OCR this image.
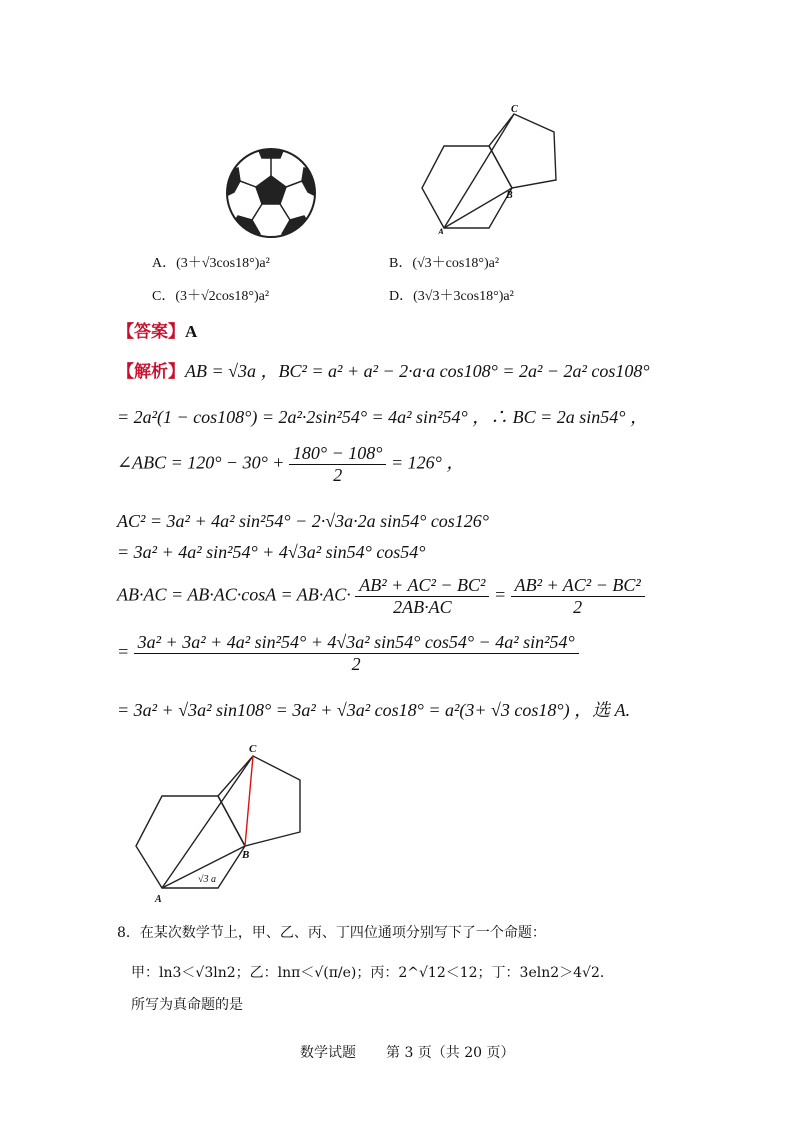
C
B
A
A．(3＋√3cos18°)a²	B．(√3＋cos18°)a²
C．(3＋√2cos18°)a²	D．(3√3＋3cos18°)a²
【答案】A
【解析】AB = √3a ，BC² = a² + a² − 2·a·a cos108° = 2a² − 2a² cos108°
= 2a²(1 − cos108°) = 2a²·2sin²54° = 4a² sin²54° ，∴ BC = 2a sin54° ，
∠ABC = $120^\circ - 30^\circ + \frac{180^\circ - 108^\circ}{2} = 126^\circ$ ，
AC² = 3a² + 4a² sin²54° − 2·√3a·2a sin54° cos126°
= 3a² + 4a² sin²54° + 4√3a² sin54° cos54°
$AB\cdot AC = AB\cdot AC\cdot\cos A = AB\cdot AC\cdot \frac{\text{AB² + AC² − BC²}}{2AB\cdot AC} = \frac{\text{AB² + AC² − BC²}}{2}$
= $\frac{\text{3a² + 3a² + 4a² sin²54° + 4√3a² sin54° cos54° − 4a² sin²54°}}{2}$
= 3a² + √3a² sin108° = 3a² + √3a² cos18° = a²(3+ √3 cos18°) ，选 A.
C
B
A
√3 a
8．在某次数学节上，甲、乙、丙、丁四位通项分别写下了一个命题：
甲：ln3＜√3ln2；乙：lnπ＜√(π/e)；丙：2^√12＜12；丁：3eln2＞4√2.
所写为真命题的是
数学试题 第 3 页（共 20 页）
